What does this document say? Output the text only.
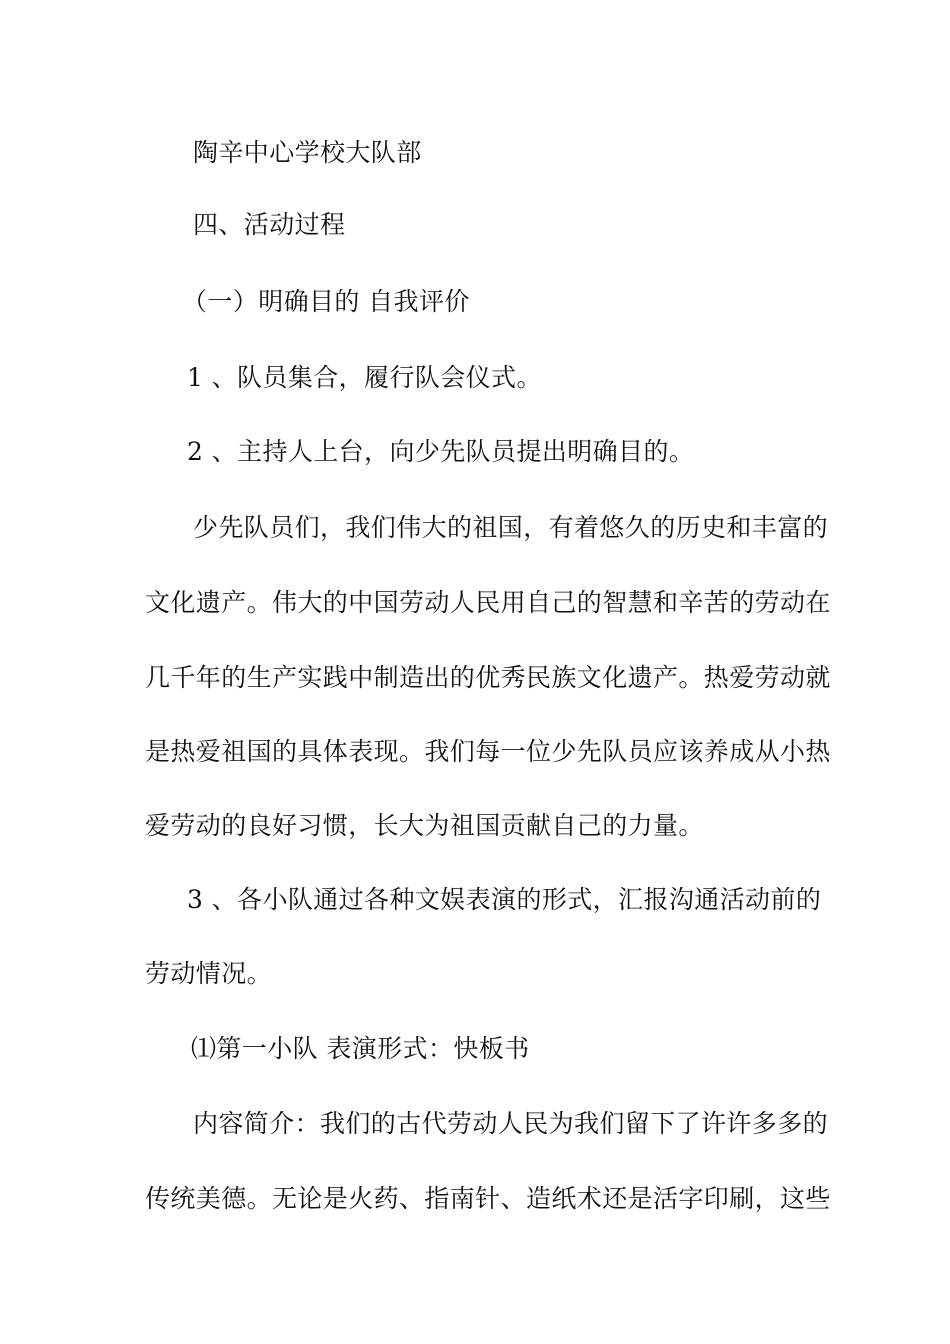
陶辛中心学校大队部
四、活动过程
（一）明确目的 自我评价
1 、队员集合，履行队会仪式。
2 、主持人上台，向少先队员提出明确目的。
少先队员们，我们伟大的祖国，有着悠久的历史和丰富的
文化遗产。伟大的中国劳动人民用自己的智慧和辛苦的劳动在
几千年的生产实践中制造出的优秀民族文化遗产。热爱劳动就
是热爱祖国的具体表现。我们每一位少先队员应该养成从小热
爱劳动的良好习惯，长大为祖国贡献自己的力量。
3 、各小队通过各种文娱表演的形式，汇报沟通活动前的
劳动情况。
⑴第一小队 表演形式：快板书
内容简介：我们的古代劳动人民为我们留下了许许多多的
传统美德。无论是火药、指南针、造纸术还是活字印刷，这些
